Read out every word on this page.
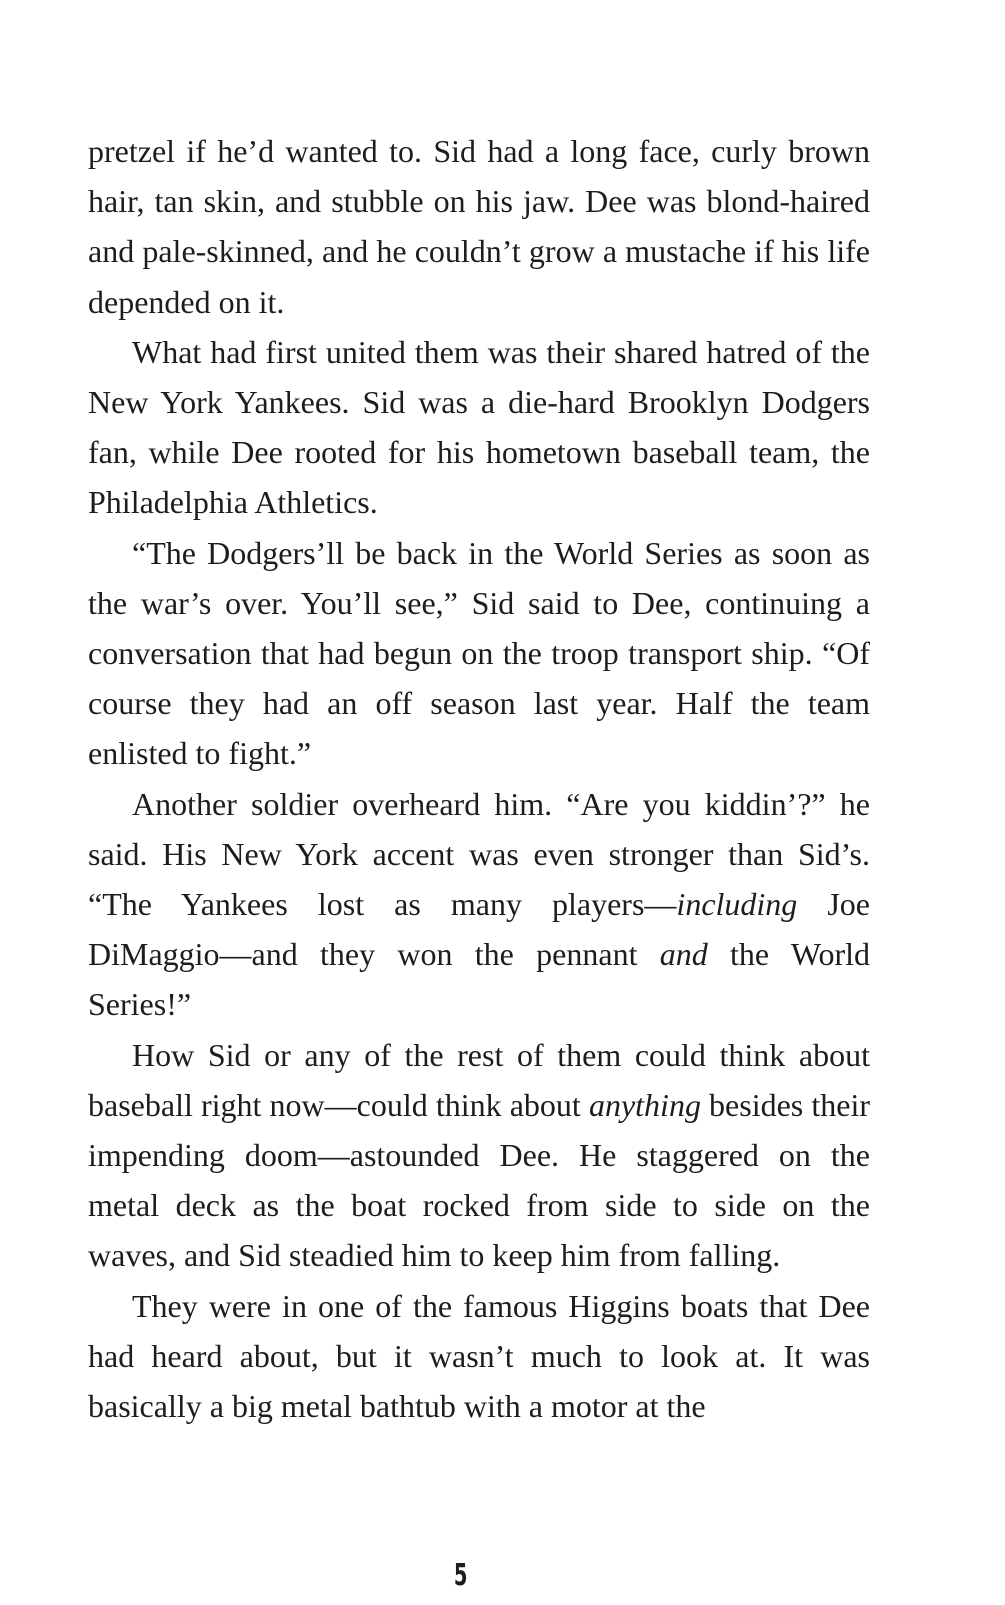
pretzel if he’d wanted to. Sid had a long face, curly brown hair, tan skin, and stubble on his jaw. Dee was blond-haired and pale-skinned, and he couldn’t grow a mustache if his life depended on it.

What had first united them was their shared hatred of the New York Yankees. Sid was a die-hard Brooklyn Dodgers fan, while Dee rooted for his hometown baseball team, the Philadelphia Athletics.

“The Dodgers’ll be back in the World Series as soon as the war’s over. You’ll see,” Sid said to Dee, continuing a conversation that had begun on the troop transport ship. “Of course they had an off season last year. Half the team enlisted to fight.”

Another soldier overheard him. “Are you kiddin’?” he said. His New York accent was even stronger than Sid’s. “The Yankees lost as many players—including Joe DiMaggio—and they won the pennant and the World Series!”

How Sid or any of the rest of them could think about baseball right now—could think about anything besides their impending doom—astounded Dee. He staggered on the metal deck as the boat rocked from side to side on the waves, and Sid steadied him to keep him from falling.

They were in one of the famous Higgins boats that Dee had heard about, but it wasn’t much to look at. It was basically a big metal bathtub with a motor at the

5
